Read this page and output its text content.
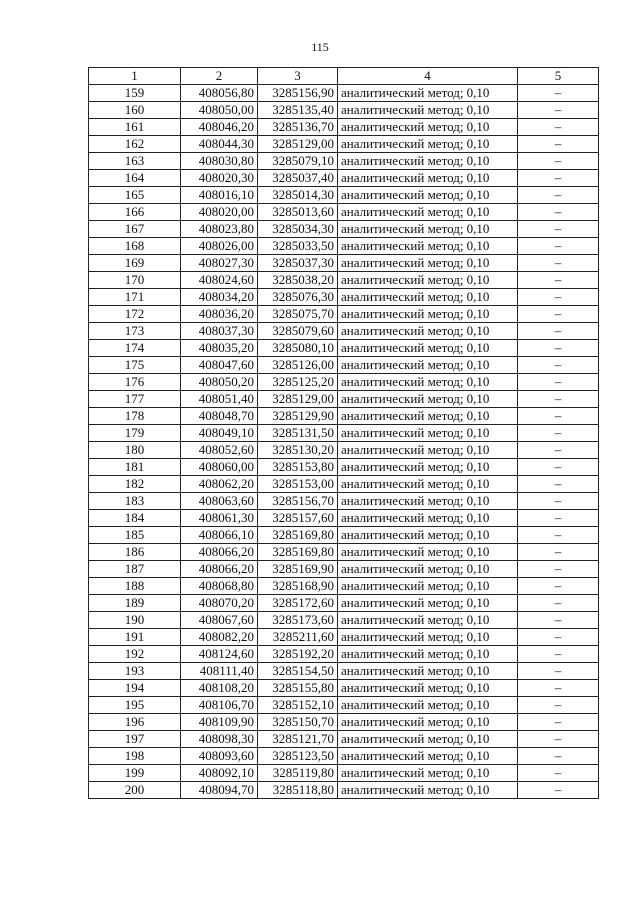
115
1	2	3	4	5
159	408056,80	3285156,90	аналитический метод; 0,10	–
160	408050,00	3285135,40	аналитический метод; 0,10	–
161	408046,20	3285136,70	аналитический метод; 0,10	–
162	408044,30	3285129,00	аналитический метод; 0,10	–
163	408030,80	3285079,10	аналитический метод; 0,10	–
164	408020,30	3285037,40	аналитический метод; 0,10	–
165	408016,10	3285014,30	аналитический метод; 0,10	–
166	408020,00	3285013,60	аналитический метод; 0,10	–
167	408023,80	3285034,30	аналитический метод; 0,10	–
168	408026,00	3285033,50	аналитический метод; 0,10	–
169	408027,30	3285037,30	аналитический метод; 0,10	–
170	408024,60	3285038,20	аналитический метод; 0,10	–
171	408034,20	3285076,30	аналитический метод; 0,10	–
172	408036,20	3285075,70	аналитический метод; 0,10	–
173	408037,30	3285079,60	аналитический метод; 0,10	–
174	408035,20	3285080,10	аналитический метод; 0,10	–
175	408047,60	3285126,00	аналитический метод; 0,10	–
176	408050,20	3285125,20	аналитический метод; 0,10	–
177	408051,40	3285129,00	аналитический метод; 0,10	–
178	408048,70	3285129,90	аналитический метод; 0,10	–
179	408049,10	3285131,50	аналитический метод; 0,10	–
180	408052,60	3285130,20	аналитический метод; 0,10	–
181	408060,00	3285153,80	аналитический метод; 0,10	–
182	408062,20	3285153,00	аналитический метод; 0,10	–
183	408063,60	3285156,70	аналитический метод; 0,10	–
184	408061,30	3285157,60	аналитический метод; 0,10	–
185	408066,10	3285169,80	аналитический метод; 0,10	–
186	408066,20	3285169,80	аналитический метод; 0,10	–
187	408066,20	3285169,90	аналитический метод; 0,10	–
188	408068,80	3285168,90	аналитический метод; 0,10	–
189	408070,20	3285172,60	аналитический метод; 0,10	–
190	408067,60	3285173,60	аналитический метод; 0,10	–
191	408082,20	3285211,60	аналитический метод; 0,10	–
192	408124,60	3285192,20	аналитический метод; 0,10	–
193	408111,40	3285154,50	аналитический метод; 0,10	–
194	408108,20	3285155,80	аналитический метод; 0,10	–
195	408106,70	3285152,10	аналитический метод; 0,10	–
196	408109,90	3285150,70	аналитический метод; 0,10	–
197	408098,30	3285121,70	аналитический метод; 0,10	–
198	408093,60	3285123,50	аналитический метод; 0,10	–
199	408092,10	3285119,80	аналитический метод; 0,10	–
200	408094,70	3285118,80	аналитический метод; 0,10	–
